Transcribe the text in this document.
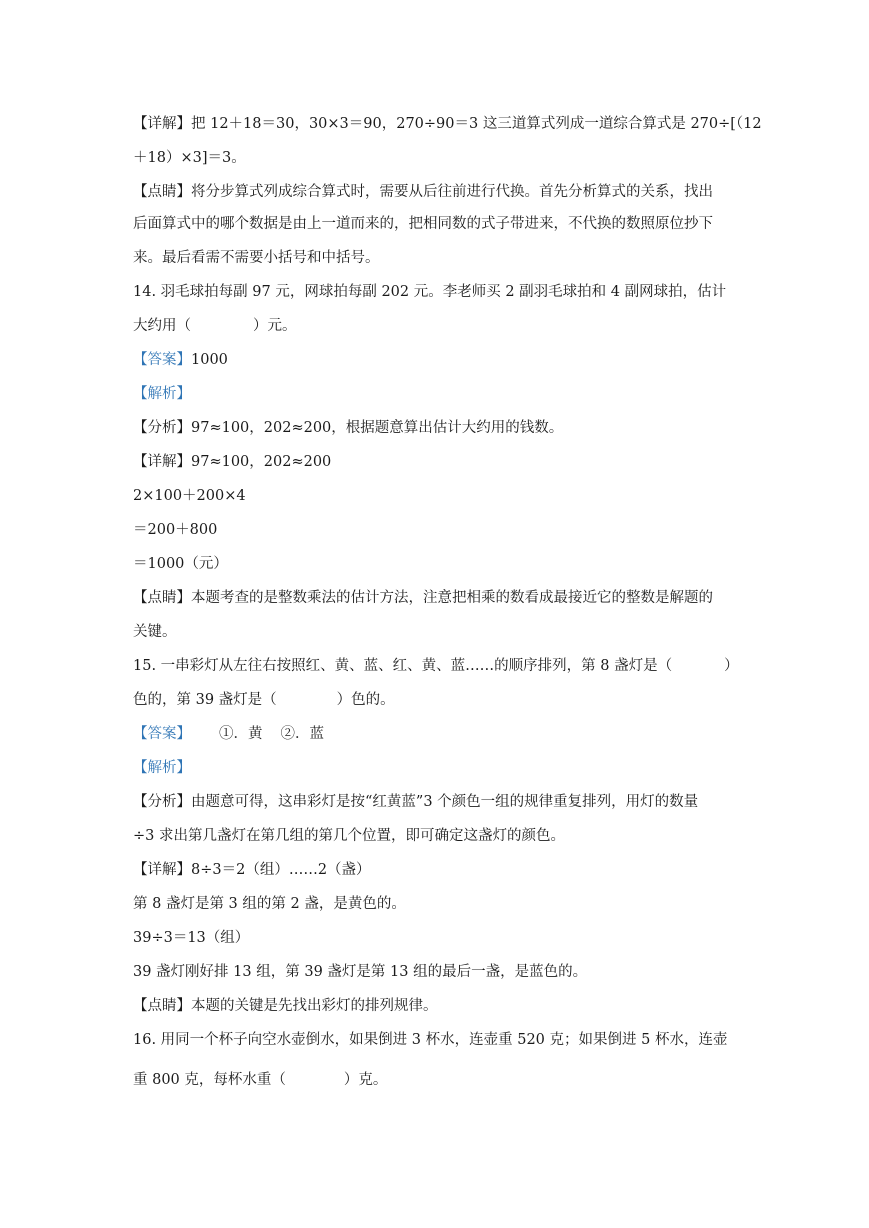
【详解】把 12＋18＝30，30×3＝90，270÷90＝3 这三道算式列成一道综合算式是 270÷[（12
＋18）×3]＝3。
【点睛】将分步算式列成综合算式时，需要从后往前进行代换。首先分析算式的关系，找出
后面算式中的哪个数据是由上一道而来的，把相同数的式子带进来，不代换的数照原位抄下
来。最后看需不需要小括号和中括号。
14. 羽毛球拍每副 97 元，网球拍每副 202 元。李老师买 2 副羽毛球拍和 4 副网球拍，估计
大约用（	）元。
【答案】1000
【解析】
【分析】97≈100，202≈200，根据题意算出估计大约用的钱数。
【详解】97≈100，202≈200
2×100＋200×4
＝200＋800
＝1000（元）
【点睛】本题考查的是整数乘法的估计方法，注意把相乘的数看成最接近它的整数是解题的
关键。
15. 一串彩灯从左往右按照红、黄、蓝、红、黄、蓝……的顺序排列，第 8 盏灯是（	）
色的，第 39 盏灯是（	）色的。
【答案】 ①．黄 ②．蓝
【解析】
【分析】由题意可得，这串彩灯是按“红黄蓝”3 个颜色一组的规律重复排列，用灯的数量
÷3 求出第几盏灯在第几组的第几个位置，即可确定这盏灯的颜色。
【详解】8÷3＝2（组）……2（盏）
第 8 盏灯是第 3 组的第 2 盏，是黄色的。
39÷3＝13（组）
39 盏灯刚好排 13 组，第 39 盏灯是第 13 组的最后一盏，是蓝色的。
【点睛】本题的关键是先找出彩灯的排列规律。
16. 用同一个杯子向空水壶倒水，如果倒进 3 杯水，连壶重 520 克；如果倒进 5 杯水，连壶
重 800 克，每杯水重（	）克。
